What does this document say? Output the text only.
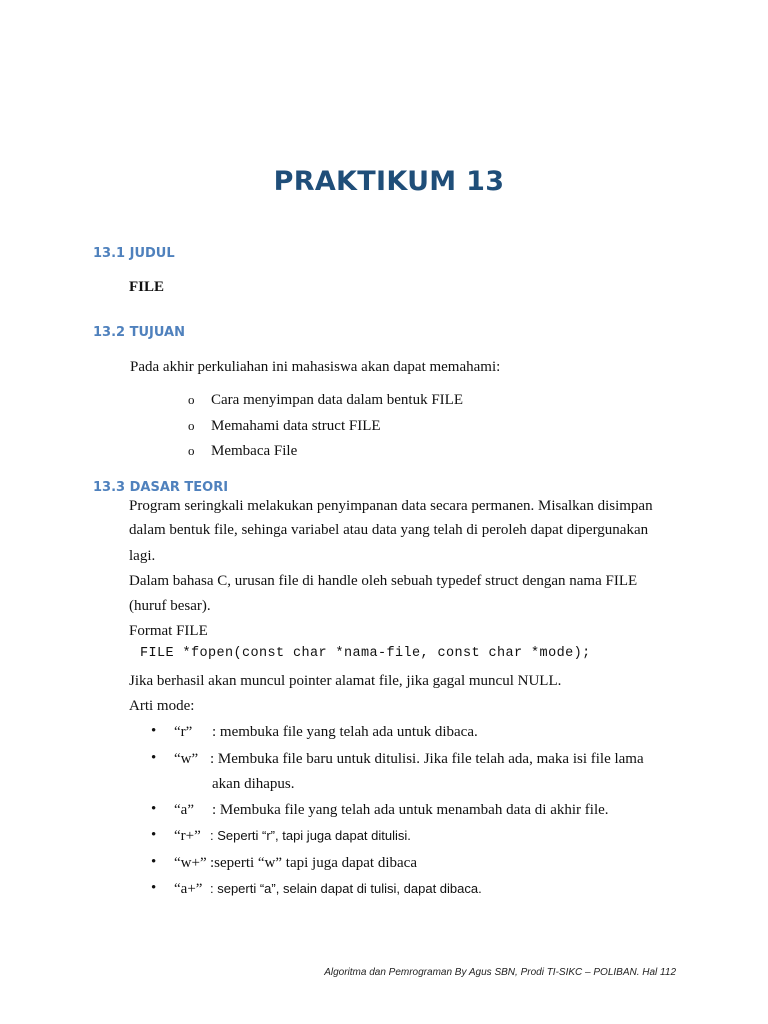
PRAKTIKUM 13
13.1 JUDUL
FILE
13.2 TUJUAN
Pada akhir perkuliahan ini mahasiswa akan dapat memahami:
o Cara menyimpan data dalam bentuk FILE
o Memahami data struct FILE
o Membaca File
13.3 DASAR TEORI
Program seringkali melakukan penyimpanan data secara permanen. Misalkan disimpan
dalam bentuk file, sehinga variabel atau data yang telah di peroleh dapat dipergunakan
lagi.
Dalam bahasa C, urusan file di handle oleh sebuah typedef struct dengan nama FILE
(huruf besar).
Format FILE
FILE *fopen(const char *nama-file, const char *mode);
Jika berhasil akan muncul pointer alamat file, jika gagal muncul NULL.
Arti mode:
• “r” : membuka file yang telah ada untuk dibaca.
• “w” : Membuka file baru untuk ditulisi. Jika file telah ada, maka isi file lama
akan dihapus.
• “a” : Membuka file yang telah ada untuk menambah data di akhir file.
• “r+” : Seperti “r”, tapi juga dapat ditulisi.
• “w+” :seperti “w” tapi juga dapat dibaca
• “a+” : seperti “a”, selain dapat di tulisi, dapat dibaca.
Algoritma dan Pemrograman By Agus SBN, Prodi TI-SIKC – POLIBAN. Hal 112
